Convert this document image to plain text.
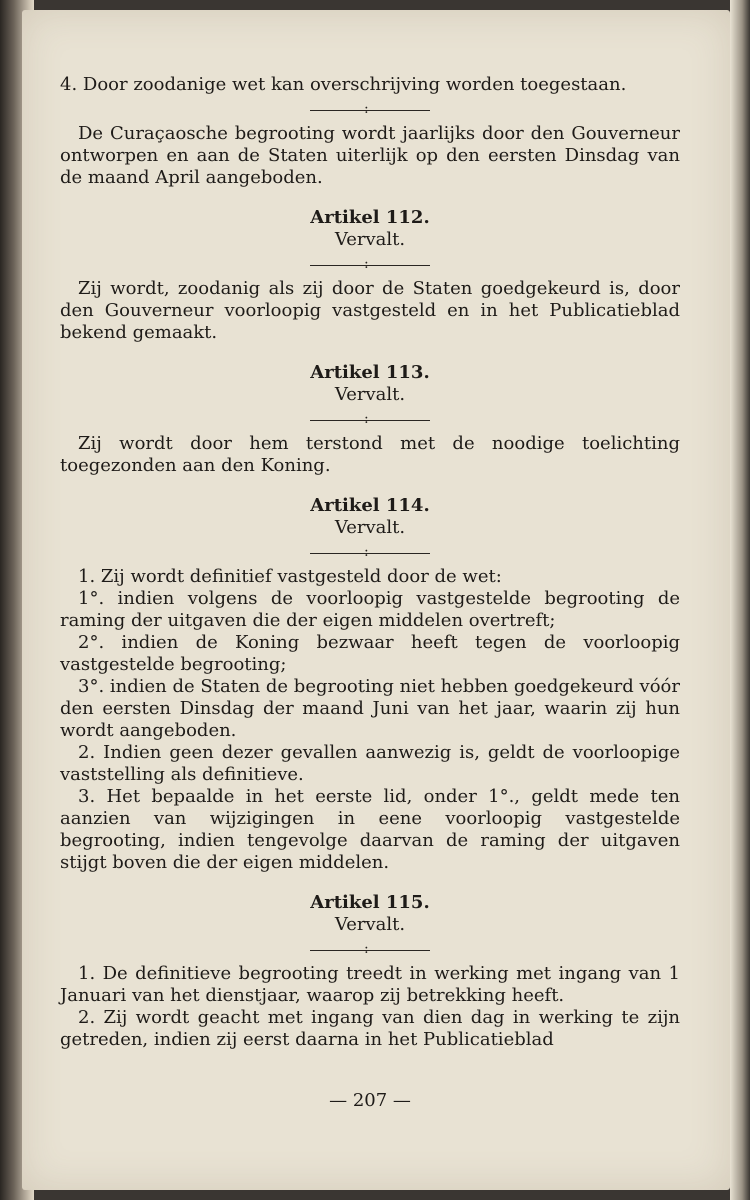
4. Door zoodanige wet kan overschrijving worden toegestaan.

:

De Curaçaosche begrooting wordt jaarlijks door den Gouverneur ontworpen en aan de Staten uiterlijk op den eersten Dinsdag van de maand April aangeboden.

Artikel 112.
Vervalt.
:

Zij wordt, zoodanig als zij door de Staten goedgekeurd is, door den Gouverneur voorloopig vastgesteld en in het Publicatieblad bekend gemaakt.

Artikel 113.
Vervalt.
:

Zij wordt door hem terstond met de noodige toelichting toegezonden aan den Koning.

Artikel 114.
Vervalt.
:

1. Zij wordt definitief vastgesteld door de wet:

1°. indien volgens de voorloopig vastgestelde begrooting de raming der uitgaven die der eigen middelen overtreft;

2°. indien de Koning bezwaar heeft tegen de voorloopig vastgestelde begrooting;

3°. indien de Staten de begrooting niet hebben goedgekeurd vóór den eersten Dinsdag der maand Juni van het jaar, waarin zij hun wordt aangeboden.

2. Indien geen dezer gevallen aanwezig is, geldt de voorloopige vaststelling als definitieve.

3. Het bepaalde in het eerste lid, onder 1°., geldt mede ten aanzien van wijzigingen in eene voorloopig vastgestelde begrooting, indien tengevolge daarvan de raming der uitgaven stijgt boven die der eigen middelen.

Artikel 115.
Vervalt.
:

1. De definitieve begrooting treedt in werking met ingang van 1 Januari van het dienstjaar, waarop zij betrekking heeft.

2. Zij wordt geacht met ingang van dien dag in werking te zijn getreden, indien zij eerst daarna in het Publicatieblad

— 207 —
